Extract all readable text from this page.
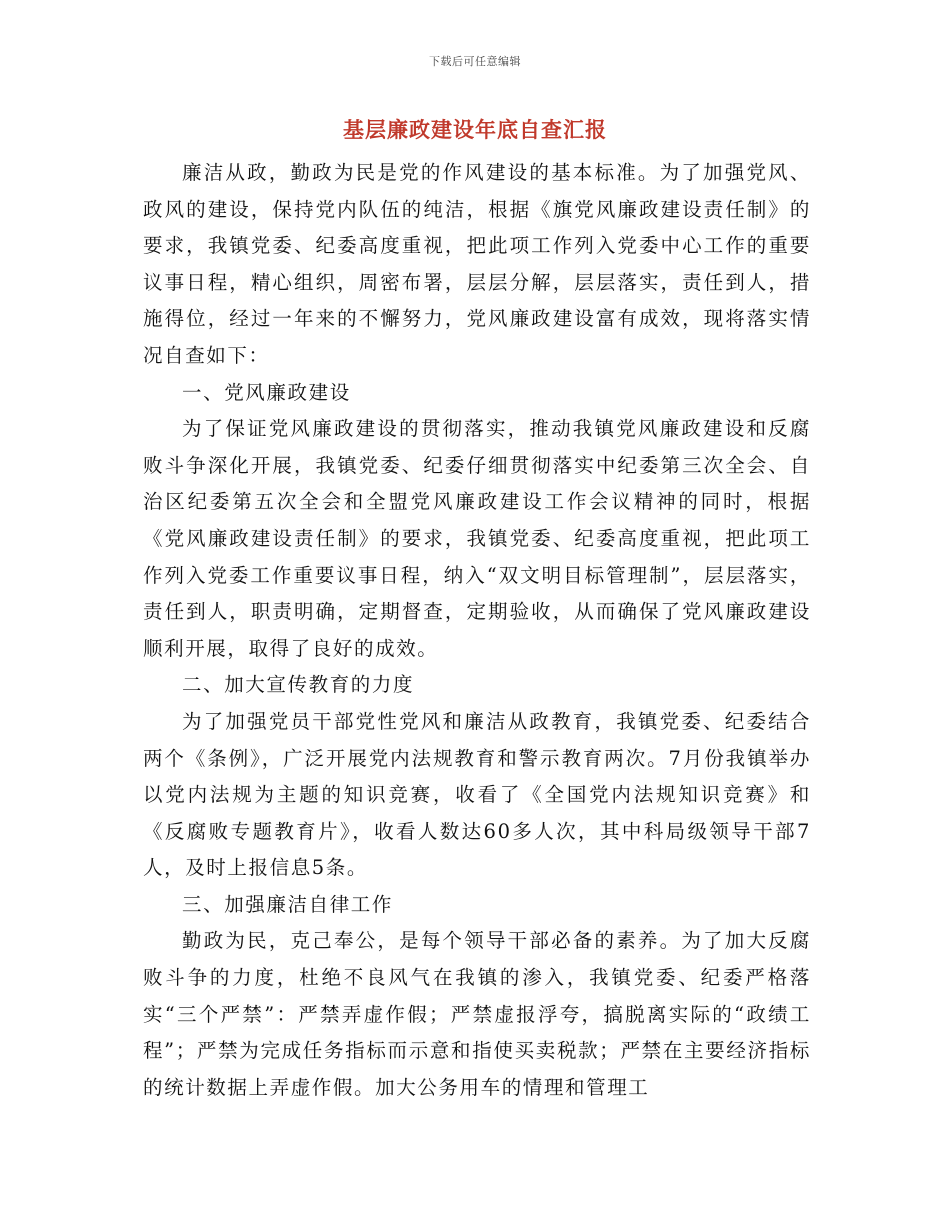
下载后可任意编辑
基层廉政建设年底自查汇报

廉洁从政，勤政为民是党的作风建设的基本标准。为了加强党风、政风的建设，保持党内队伍的纯洁，根据《旗党风廉政建设责任制》的要求，我镇党委、纪委高度重视，把此项工作列入党委中心工作的重要议事日程，精心组织，周密布署，层层分解，层层落实，责任到人，措施得位，经过一年来的不懈努力，党风廉政建设富有成效，现将落实情况自查如下：

一、党风廉政建设

为了保证党风廉政建设的贯彻落实，推动我镇党风廉政建设和反腐败斗争深化开展，我镇党委、纪委仔细贯彻落实中纪委第三次全会、自治区纪委第五次全会和全盟党风廉政建设工作会议精神的同时，根据《党风廉政建设责任制》的要求，我镇党委、纪委高度重视，把此项工作列入党委工作重要议事日程，纳入“双文明目标管理制”，层层落实，责任到人，职责明确，定期督查，定期验收，从而确保了党风廉政建设顺利开展，取得了良好的成效。

二、加大宣传教育的力度

为了加强党员干部党性党风和廉洁从政教育，我镇党委、纪委结合两个《条例》，广泛开展党内法规教育和警示教育两次。7月份我镇举办以党内法规为主题的知识竞赛，收看了《全国党内法规知识竞赛》和《反腐败专题教育片》，收看人数达60多人次，其中科局级领导干部7人，及时上报信息5条。

三、加强廉洁自律工作

勤政为民，克己奉公，是每个领导干部必备的素养。为了加大反腐败斗争的力度，杜绝不良风气在我镇的渗入，我镇党委、纪委严格落实“三个严禁”：严禁弄虚作假；严禁虚报浮夸，搞脱离实际的“政绩工程”；严禁为完成任务指标而示意和指使买卖税款；严禁在主要经济指标的统计数据上弄虚作假。加大公务用车的情理和管理工
